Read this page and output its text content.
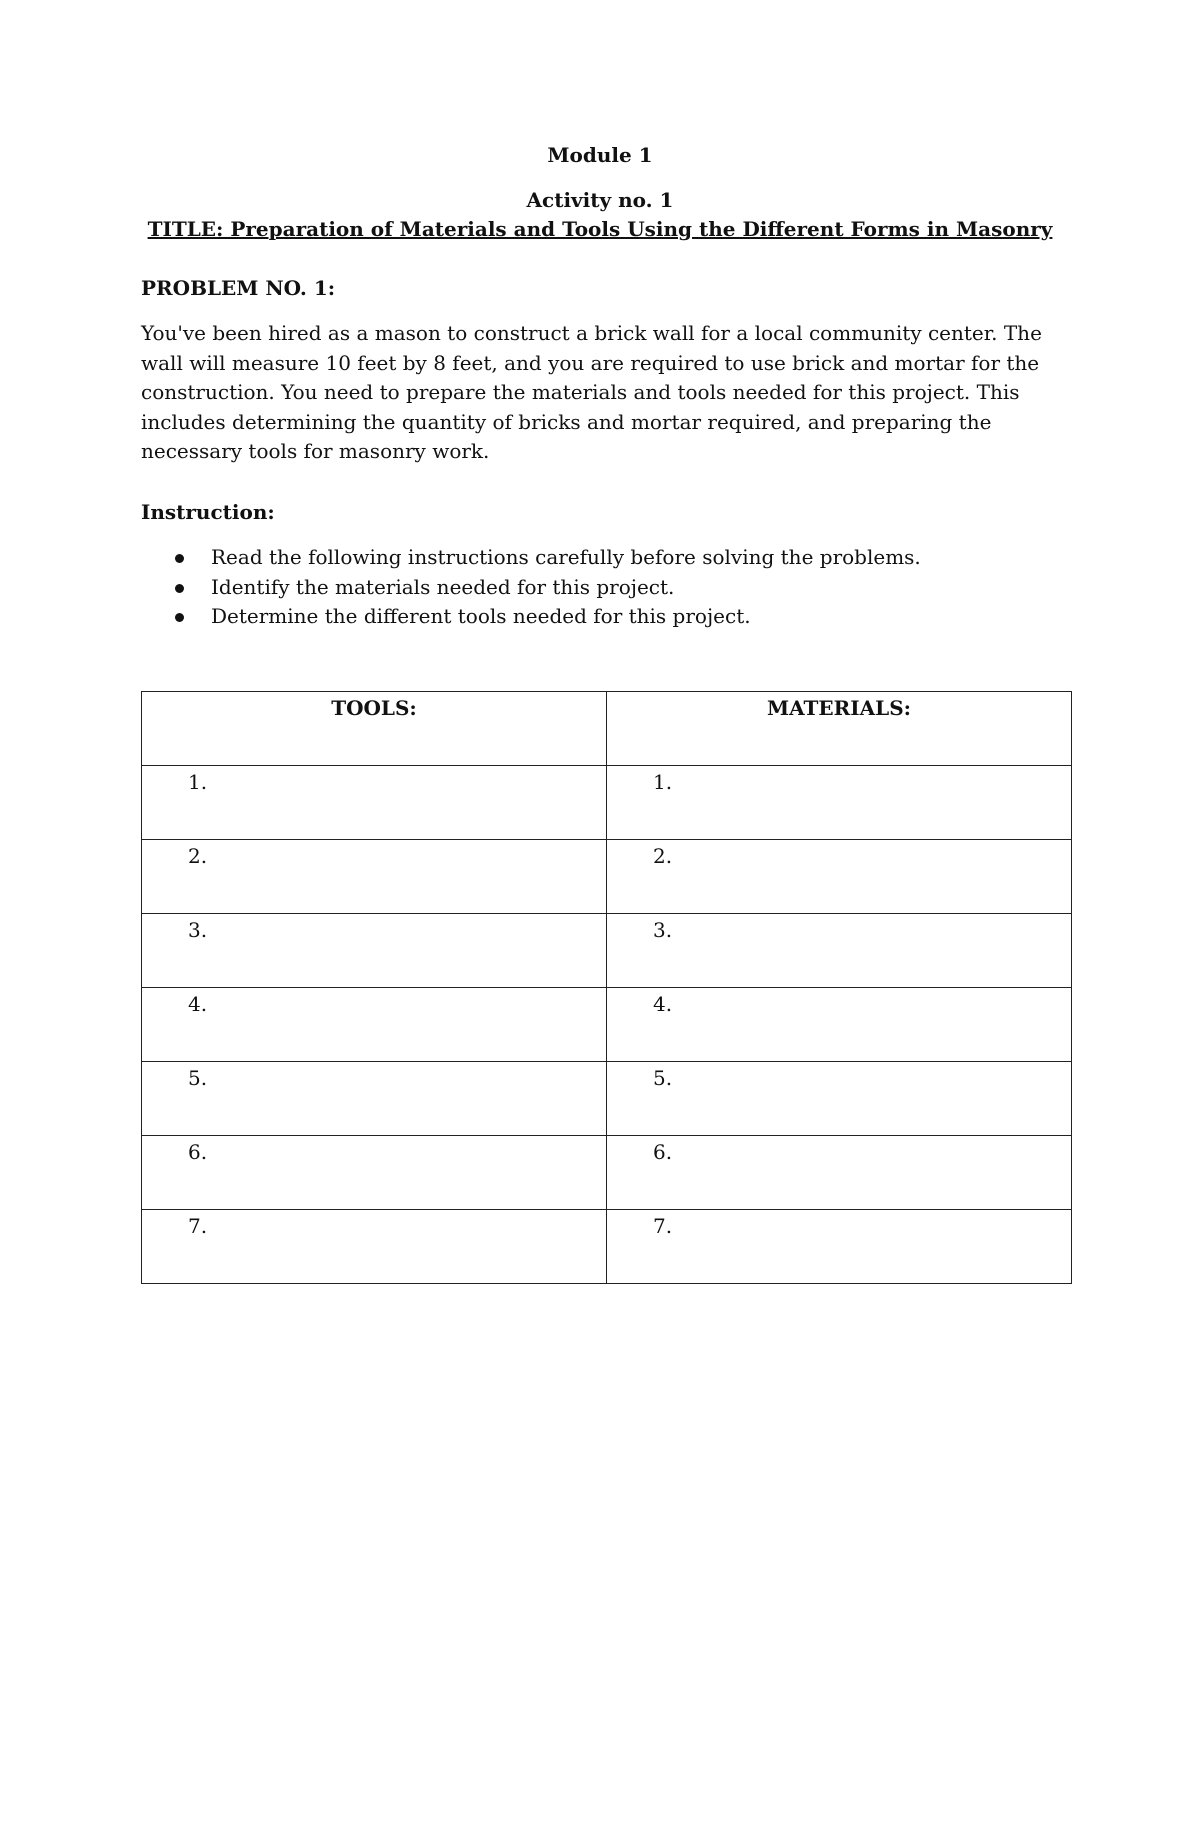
Module 1

Activity no. 1

TITLE: Preparation of Materials and Tools Using the Different Forms in Masonry

PROBLEM NO. 1:

You've been hired as a mason to construct a brick wall for a local community center. The wall will measure 10 feet by 8 feet, and you are required to use brick and mortar for the construction. You need to prepare the materials and tools needed for this project. This includes determining the quantity of bricks and mortar required, and preparing the necessary tools for masonry work.

Instruction:

Read the following instructions carefully before solving the problems.
Identify the materials needed for this project.
Determine the different tools needed for this project.
TOOLS:	MATERIALS:
1.	1.
2.	2.
3.	3.
4.	4.
5.	5.
6.	6.
7.	7.
